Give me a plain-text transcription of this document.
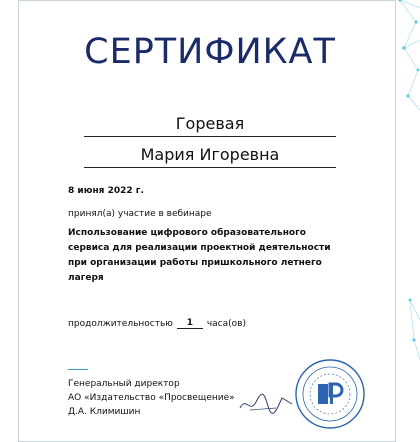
СЕРТИФИКАТ
Горевая
Мария Игоревна
8 июня 2022 г.
принял(а) участие в вебинаре
Использование цифрового образовательного сервиса для реализации проектной деятельности при организации работы пришкольного летнего лагеря
продолжительностью	1	часа(ов)
Генеральный директор
АО «Издательство «Просвещение»
Д.А. Климишин
